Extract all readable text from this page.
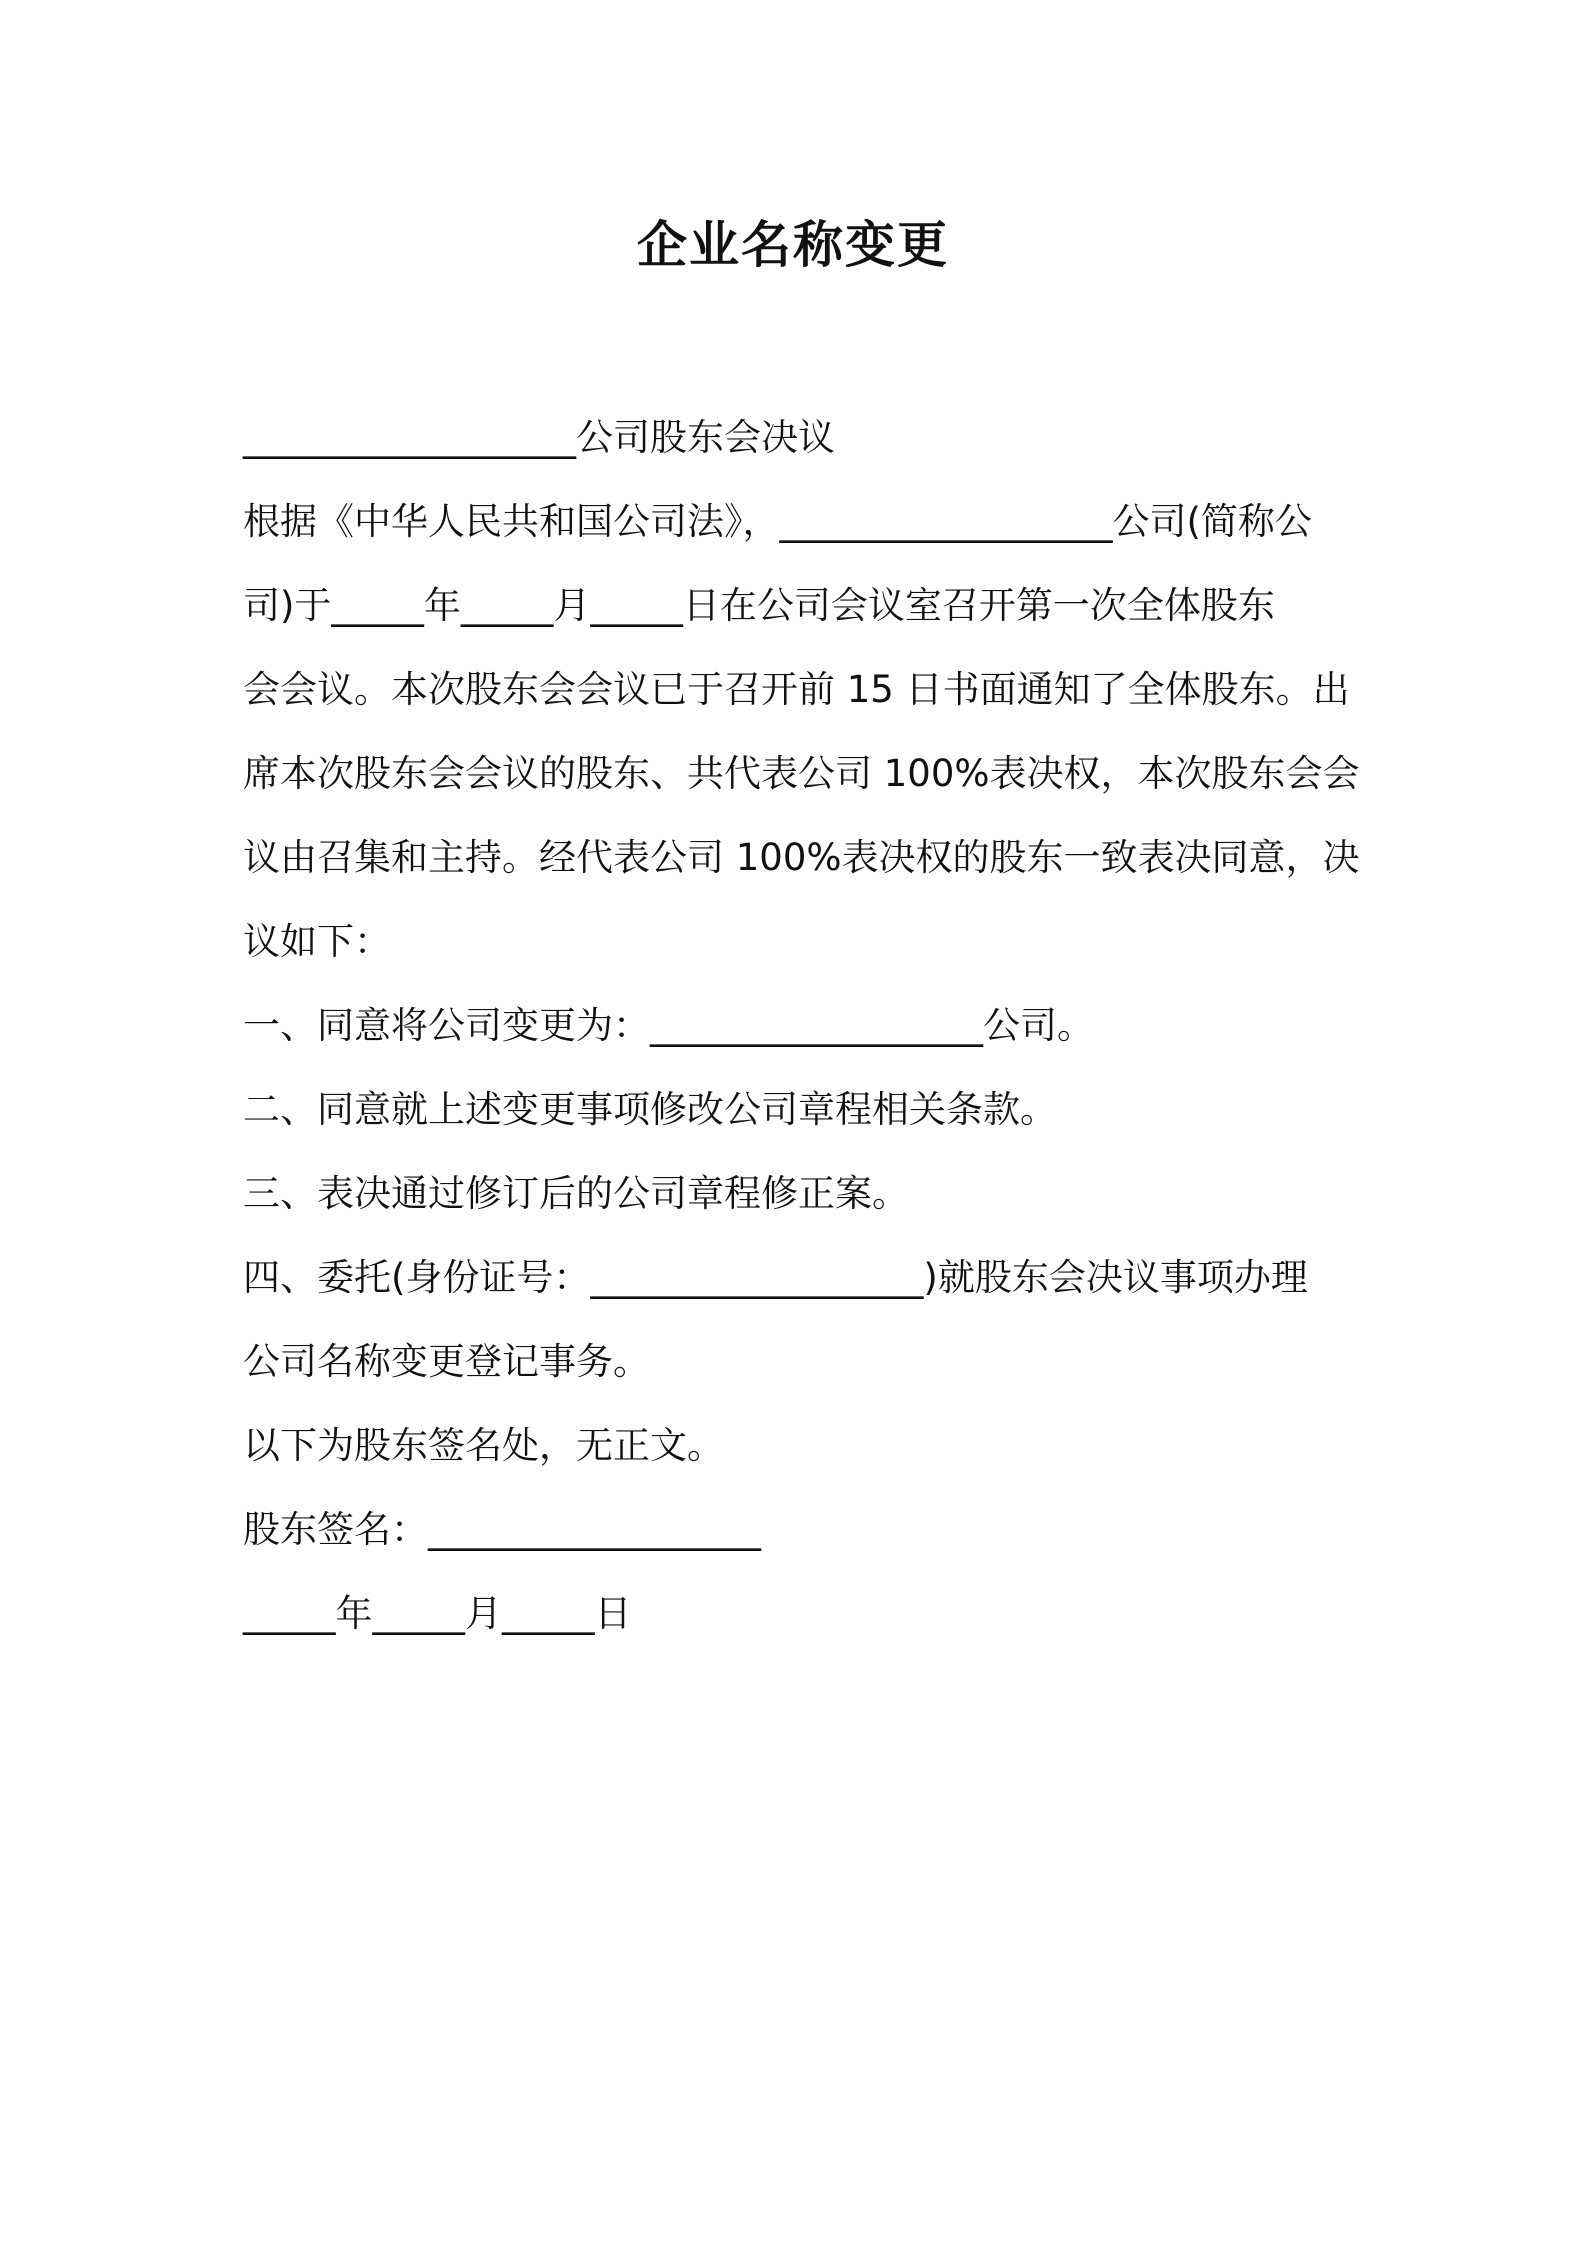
企业名称变更
__________________公司股东会决议
根据《中华人民共和国公司法》，__________________公司(简称公
司)于_____年_____月_____日在公司会议室召开第一次全体股东
会会议。本次股东会会议已于召开前 15 日书面通知了全体股东。出
席本次股东会会议的股东、共代表公司 100%表决权，本次股东会会
议由召集和主持。经代表公司 100%表决权的股东一致表决同意，决
议如下：
一、同意将公司变更为：__________________公司。
二、同意就上述变更事项修改公司章程相关条款。
三、表决通过修订后的公司章程修正案。
四、委托(身份证号：__________________)就股东会决议事项办理
公司名称变更登记事务。
以下为股东签名处，无正文。
股东签名：__________________
_____年_____月_____日
